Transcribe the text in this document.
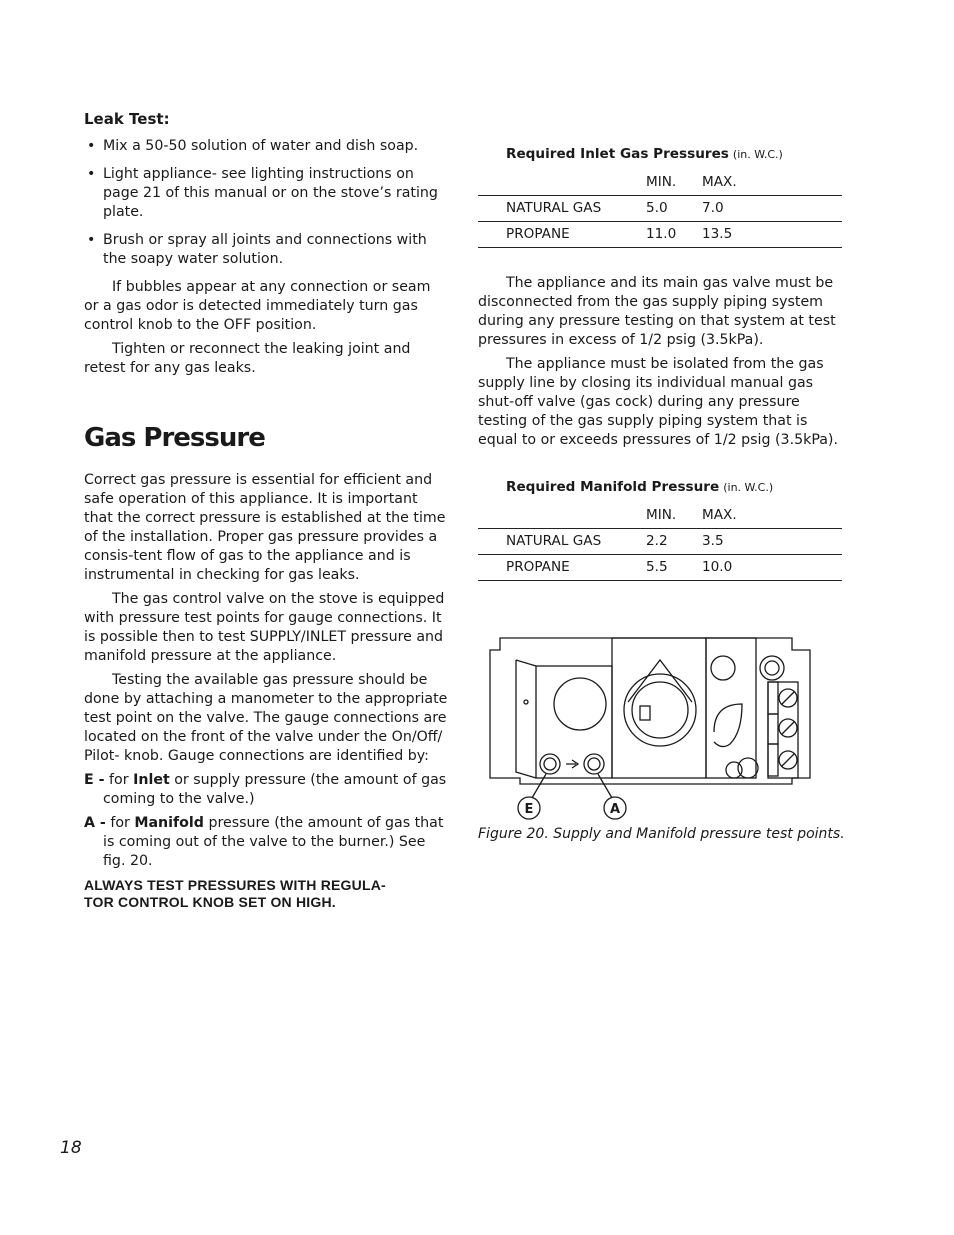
Leak Test:
• Mix a 50-50 solution of water and dish soap.
• Light appliance- see lighting instructions on page 21 of this manual or on the stove’s rating plate.
• Brush or spray all joints and connections with the soapy water solution.

If bubbles appear at any connection or seam or a gas odor is detected immediately turn gas control knob to the OFF position.

Tighten or reconnect the leaking joint and retest for any gas leaks.

Gas Pressure

Correct gas pressure is essential for efficient and safe operation of this appliance. It is important that the correct pressure is established at the time of the installation. Proper gas pressure provides a consis-tent flow of gas to the appliance and is instrumental in checking for gas leaks.

The gas control valve on the stove is equipped with pressure test points for gauge connections. It is possible then to test SUPPLY/INLET pressure and manifold pressure at the appliance.

Testing the available gas pressure should be done by attaching a manometer to the appropriate test point on the valve. The gauge connections are located on the front of the valve under the On/Off/ Pilot- knob. Gauge connections are identified by:

E - for Inlet or supply pressure (the amount of gas coming to the valve.)
A - for Manifold pressure (the amount of gas that is coming out of the valve to the burner.) See fig. 20.
ALWAYS TEST PRESSURES WITH REGULA-
TOR CONTROL KNOB SET ON HIGH.
Required Inlet Gas Pressures (in. W.C.)
	MIN.	MAX.
NATURAL GAS	5.0	7.0
PROPANE	11.0	13.5

The appliance and its main gas valve must be disconnected from the gas supply piping system during any pressure testing on that system at test pressures in excess of 1/2 psig (3.5kPa).

The appliance must be isolated from the gas supply line by closing its individual manual gas shut-off valve (gas cock) during any pressure testing of the gas supply piping system that is equal to or exceeds pressures of 1/2 psig (3.5kPa).

Required Manifold Pressure (in. W.C.)
	MIN.	MAX.
NATURAL GAS	2.2	3.5
PROPANE	5.5	10.0
E	A
Figure 20. Supply and Manifold pressure test points.
18
